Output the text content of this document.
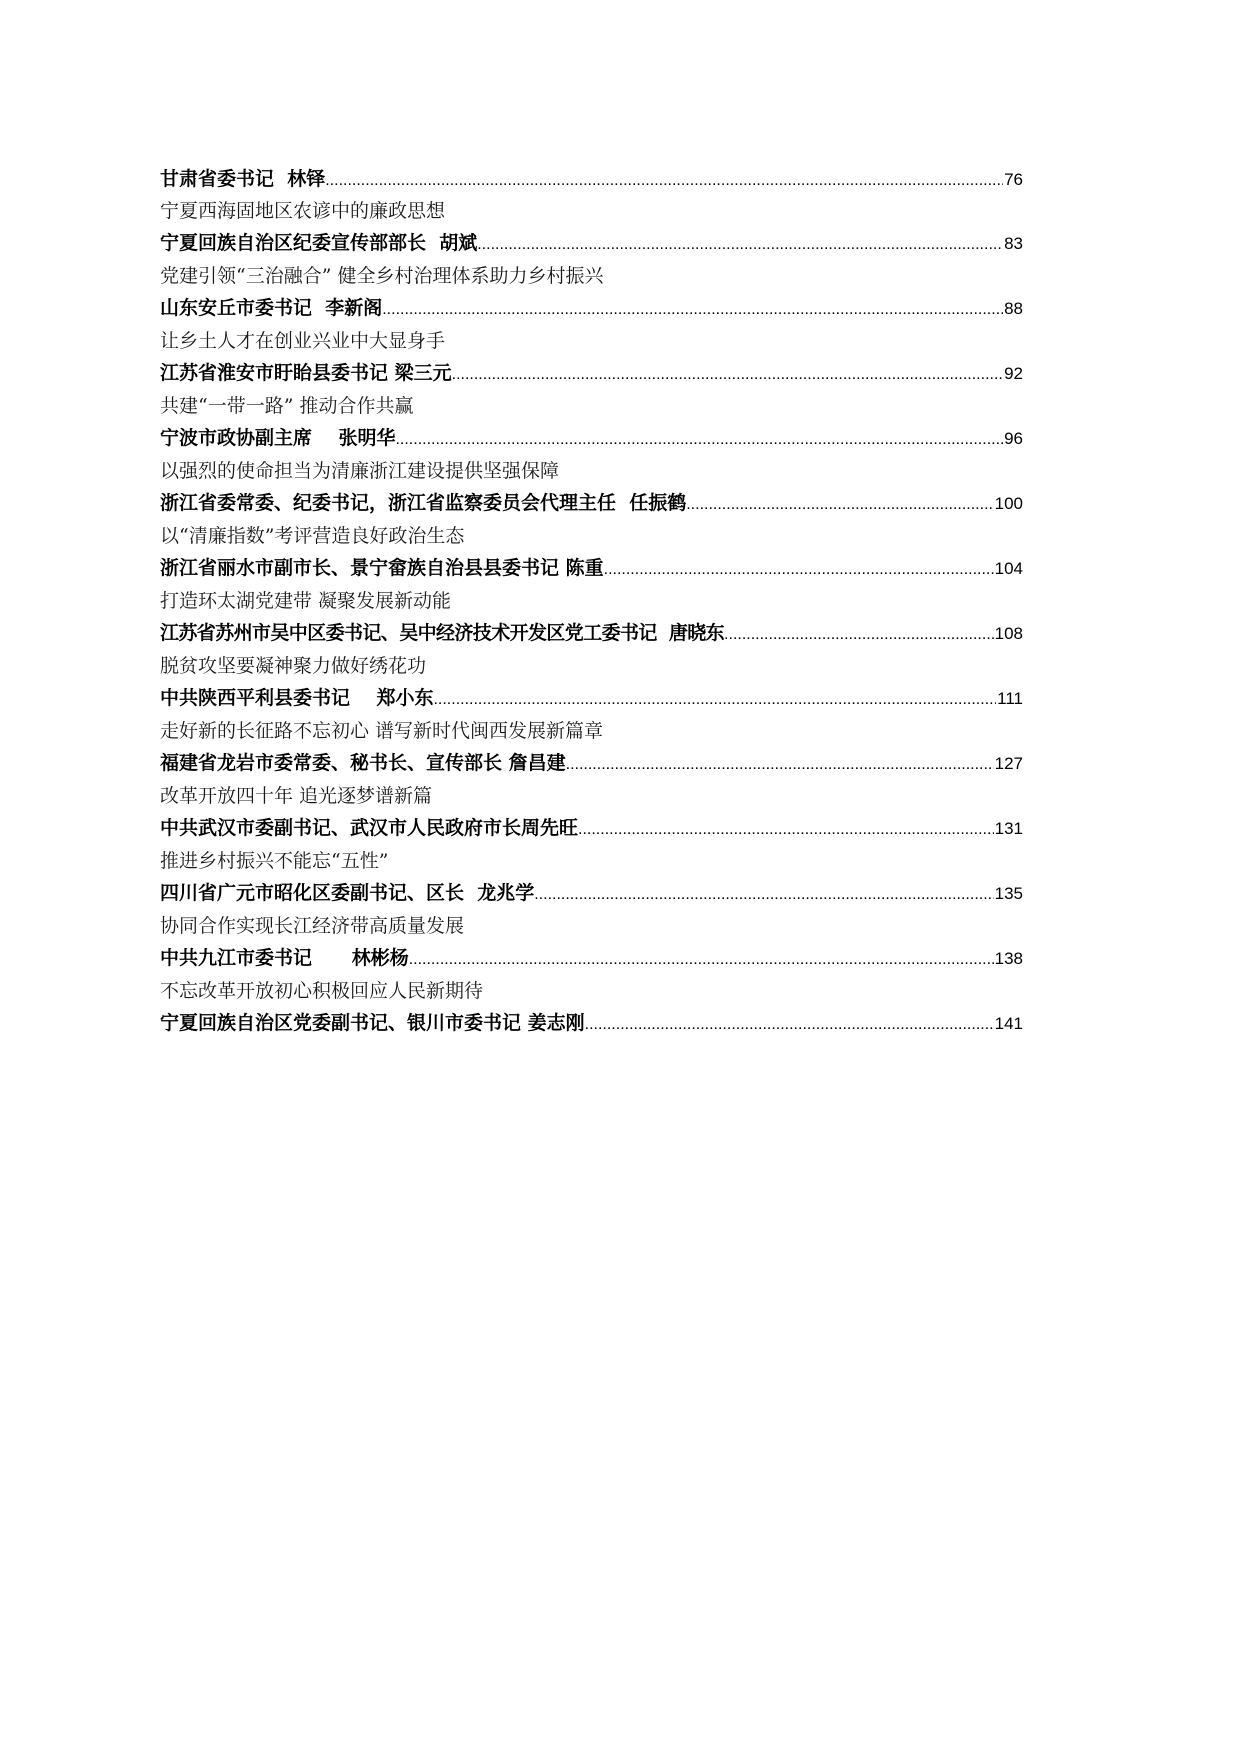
甘肃省委书记  林铎 .....	76
宁夏西海固地区农谚中的廉政思想
宁夏回族自治区纪委宣传部部长  胡斌 .....	83
党建引领“三治融合” 健全乡村治理体系助力乡村振兴
山东安丘市委书记  李新阁 .....	88
让乡土人才在创业兴业中大显身手
江苏省淮安市盱眙县委书记 梁三元 .....	92
共建“一带一路” 推动合作共赢
宁波市政协副主席    张明华 .....	96
以强烈的使命担当为清廉浙江建设提供坚强保障
浙江省委常委、纪委书记，浙江省监察委员会代理主任  任振鹤 .....	100
以“清廉指数”考评营造良好政治生态
浙江省丽水市副市长、景宁畲族自治县县委书记 陈重 .....	104
打造环太湖党建带 凝聚发展新动能
江苏省苏州市吴中区委书记、吴中经济技术开发区党工委书记  唐晓东 .....	108
脱贫攻坚要凝神聚力做好绣花功
中共陕西平利县委书记    郑小东 .....	111
走好新的长征路不忘初心 谱写新时代闽西发展新篇章
福建省龙岩市委常委、秘书长、宣传部长 詹昌建 .....	127
改革开放四十年 追光逐梦谱新篇
中共武汉市委副书记、武汉市人民政府市长周先旺 .....	131
推进乡村振兴不能忘“五性”
四川省广元市昭化区委副书记、区长  龙兆学 .....	135
协同合作实现长江经济带高质量发展
中共九江市委书记      林彬杨 .....	138
不忘改革开放初心积极回应人民新期待
宁夏回族自治区党委副书记、银川市委书记 姜志刚 .....	141
